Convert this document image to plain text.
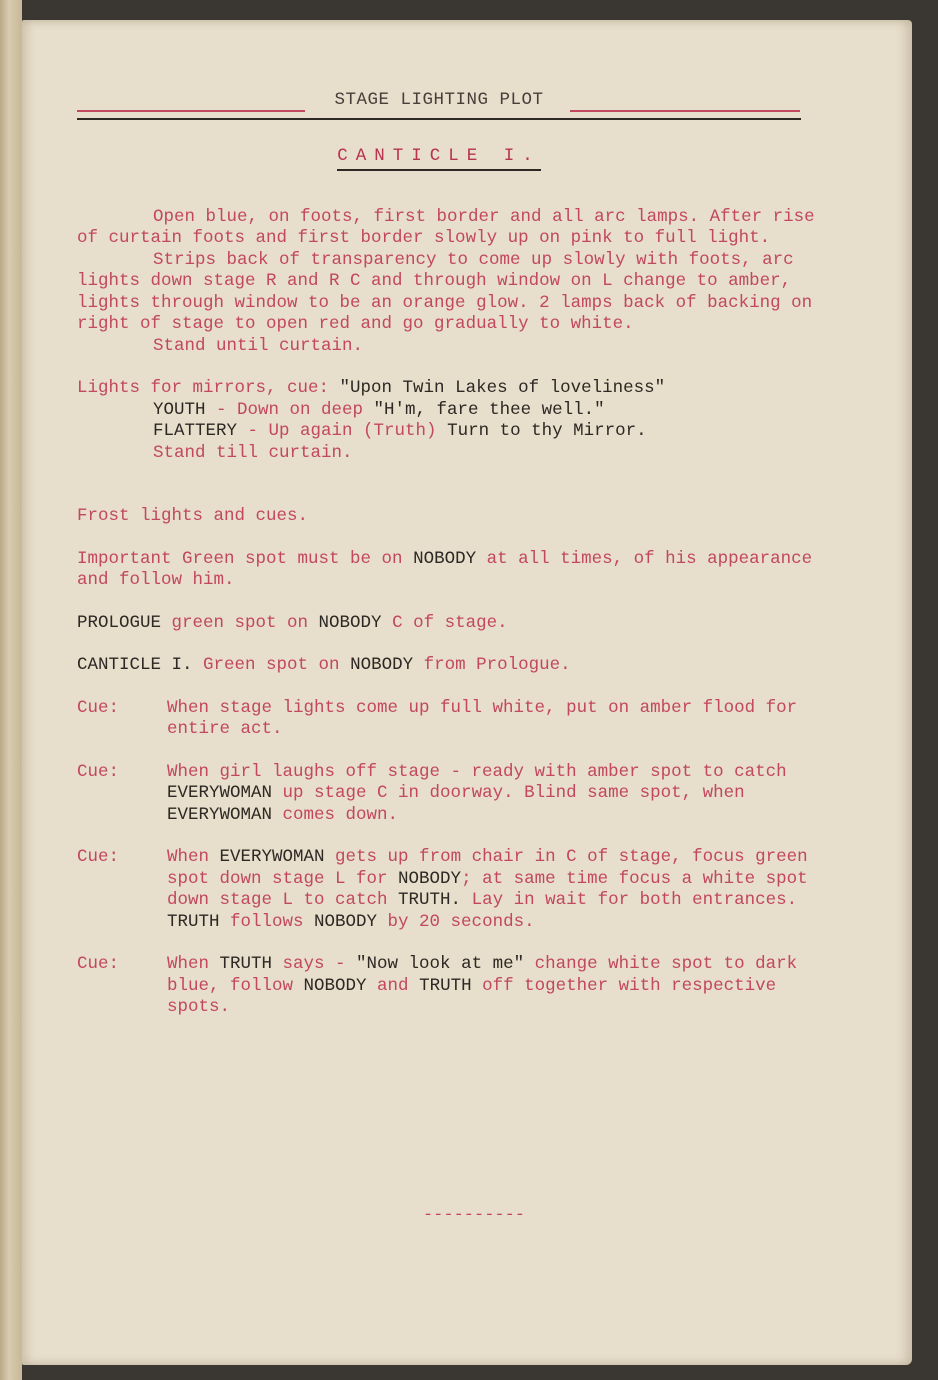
STAGE LIGHTING PLOT
CANTICLE I.

Open blue, on foots, first border and all arc lamps. After rise of curtain foots and first border slowly up on pink to full light.

Strips back of transparency to come up slowly with foots, arc lights down stage R and R C and through window on L change to amber, lights through window to be an orange glow. 2 lamps back of backing on right of stage to open red and go gradually to white.

Stand until curtain.

Lights for mirrors, cue: "Upon Twin Lakes of loveliness"

YOUTH - Down on deep "H'm, fare thee well."

FLATTERY - Up again (Truth) Turn to thy Mirror.

Stand till curtain.

Frost lights and cues.

Important Green spot must be on NOBODY at all times, of his appearance and follow him.

PROLOGUE green spot on NOBODY C of stage.

CANTICLE I. Green spot on NOBODY from Prologue.

Cue:	When stage lights come up full white, put on amber flood for entire act.
Cue:	When girl laughs off stage - ready with amber spot to catch EVERYWOMAN up stage C in doorway. Blind same spot, when EVERYWOMAN comes down.
Cue:	When EVERYWOMAN gets up from chair in C of stage, focus green spot down stage L for NOBODY; at same time focus a white spot down stage L to catch TRUTH. Lay in wait for both entrances. TRUTH follows NOBODY by 20 seconds.
Cue:	When TRUTH says - "Now look at me" change white spot to dark blue, follow NOBODY and TRUTH off together with respective spots.
----------
